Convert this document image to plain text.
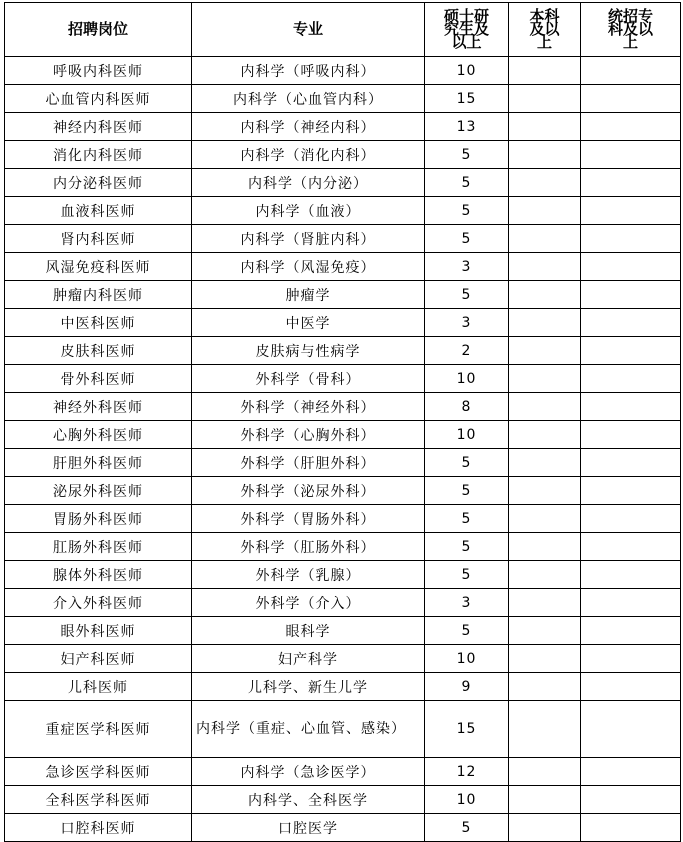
招聘岗位	专业	硕士研究生及以上	本科及以上	统招专科及以上
呼吸内科医师	内科学（呼吸内科）	10		
心血管内科医师	内科学（心血管内科）	15		
神经内科医师	内科学（神经内科）	13		
消化内科医师	内科学（消化内科）	5		
内分泌科医师	内科学（内分泌）	5		
血液科医师	内科学（血液）	5		
肾内科医师	内科学（肾脏内科）	5		
风湿免疫科医师	内科学（风湿免疫）	3		
肿瘤内科医师	肿瘤学	5		
中医科医师	中医学	3		
皮肤科医师	皮肤病与性病学	2		
骨外科医师	外科学（骨科）	10		
神经外科医师	外科学（神经外科）	8		
心胸外科医师	外科学（心胸外科）	10		
肝胆外科医师	外科学（肝胆外科）	5		
泌尿外科医师	外科学（泌尿外科）	5		
胃肠外科医师	外科学（胃肠外科）	5		
肛肠外科医师	外科学（肛肠外科）	5		
腺体外科医师	外科学（乳腺）	5		
介入外科医师	外科学（介入）	3		
眼外科医师	眼科学	5		
妇产科医师	妇产科学	10		
儿科医师	儿科学、新生儿学	9		
重症医学科医师	内科学（重症、心血管、感染）	15		
急诊医学科医师	内科学（急诊医学）	12		
全科医学科医师	内科学、全科医学	10		
口腔科医师	口腔医学	5		
